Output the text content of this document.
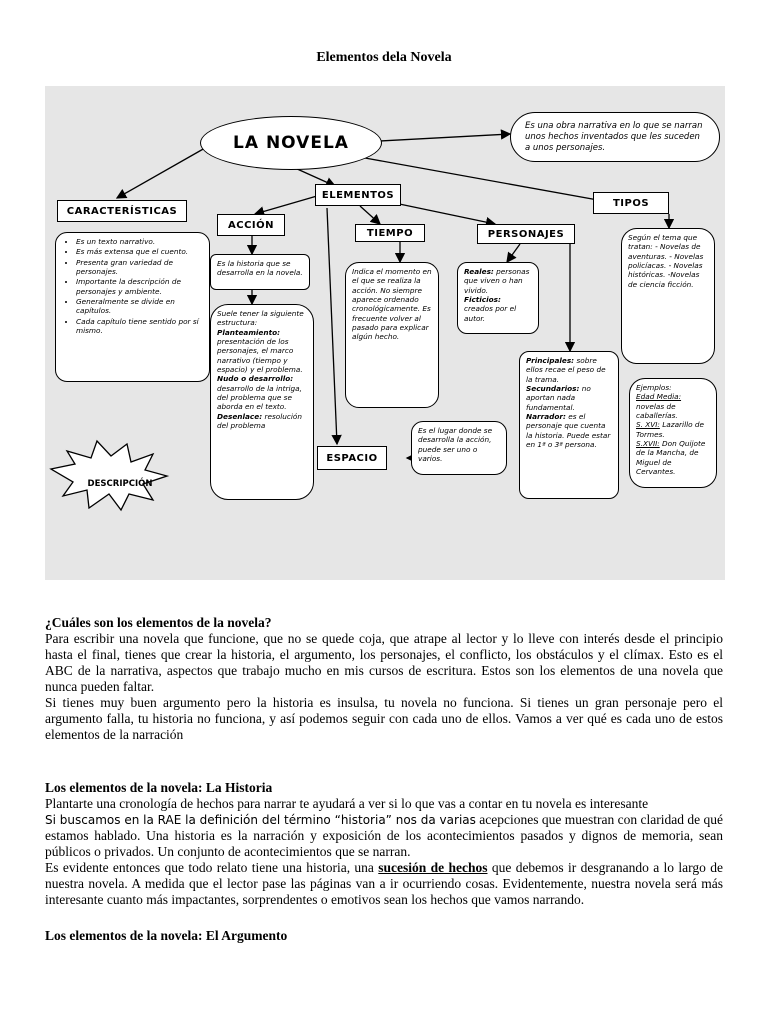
Elementos dela Novela
LA NOVELA
Es una obra narrativa en lo que se narran unos hechos inventados que les suceden a unos personajes.
ELEMENTOS
CARACTERÍSTICAS
• Es un texto narrativo.
• Es más extensa que el cuento.
• Presenta gran variedad de personajes.
• Importante la descripción de personajes y ambiente.
• Generalmente se divide en capítulos.
• Cada capítulo tiene sentido por sí mismo.
DESCRIPCIÓN
ACCIÓN
Es la historia que se desarrolla en la novela.
Suele tener la siguiente estructura:
Planteamiento: presentación de los personajes, el marco narrativo (tiempo y espacio) y el problema.
Nudo o desarrollo: desarrollo de la intriga, del problema que se aborda en el texto.
Desenlace: resolución del problema
TIEMPO
Indica el momento en el que se realiza la acción. No siempre aparece ordenado cronológicamente. Es frecuente volver al pasado para explicar algún hecho.
PERSONAJES
Reales: personas que viven o han vivido.
Ficticios: creados por el autor.
Principales: sobre ellos recae el peso de la trama.
Secundarios: no aportan nada fundamental.
Narrador: es el personaje que cuenta la historia. Puede estar en 1ª o 3ª persona.
ESPACIO
Es el lugar donde se desarrolla la acción, puede ser uno o varios.
TIPOS
Según el tema que tratan: - Novelas de aventuras. - Novelas policíacas. - Novelas históricas. -Novelas de ciencia ficción.
Ejemplos:
Edad Media: novelas de caballerías.
S. XVI: Lazarillo de Tormes.
S.XVII: Don Quijote de la Mancha, de Miguel de Cervantes.

¿Cuáles son los elementos de la novela?

Para escribir una novela que funcione, que no se quede coja, que atrape al lector y lo lleve con interés desde el principio hasta el final, tienes que crear la historia, el argumento, los personajes, el conflicto, los obstáculos y el clímax. Esto es el ABC de la narrativa, aspectos que trabajo mucho en mis cursos de escritura. Estos son los elementos de una novela que nunca pueden faltar.

Si tienes muy buen argumento pero la historia es insulsa, tu novela no funciona. Si tienes un gran personaje pero el argumento falla, tu historia no funciona, y así podemos seguir con cada uno de ellos. Vamos a ver qué es cada uno de estos elementos de la narración

Los elementos de la novela: La Historia

Plantarte una cronología de hechos para narrar te ayudará a ver si lo que vas a contar en tu novela es interesante

Si buscamos en la RAE la definición del término “historia” nos da varias acepciones que muestran con claridad de qué estamos hablado. Una historia es la narración y exposición de los acontecimientos pasados y dignos de memoria, sean públicos o privados. Un conjunto de acontecimientos que se narran.

Es evidente entonces que todo relato tiene una historia, una sucesión de hechos que debemos ir desgranando a lo largo de nuestra novela. A medida que el lector pase las páginas van a ir ocurriendo cosas. Evidentemente, nuestra novela será más interesante cuanto más impactantes, sorprendentes o emotivos sean los hechos que vamos narrando.

Los elementos de la novela: El Argumento
